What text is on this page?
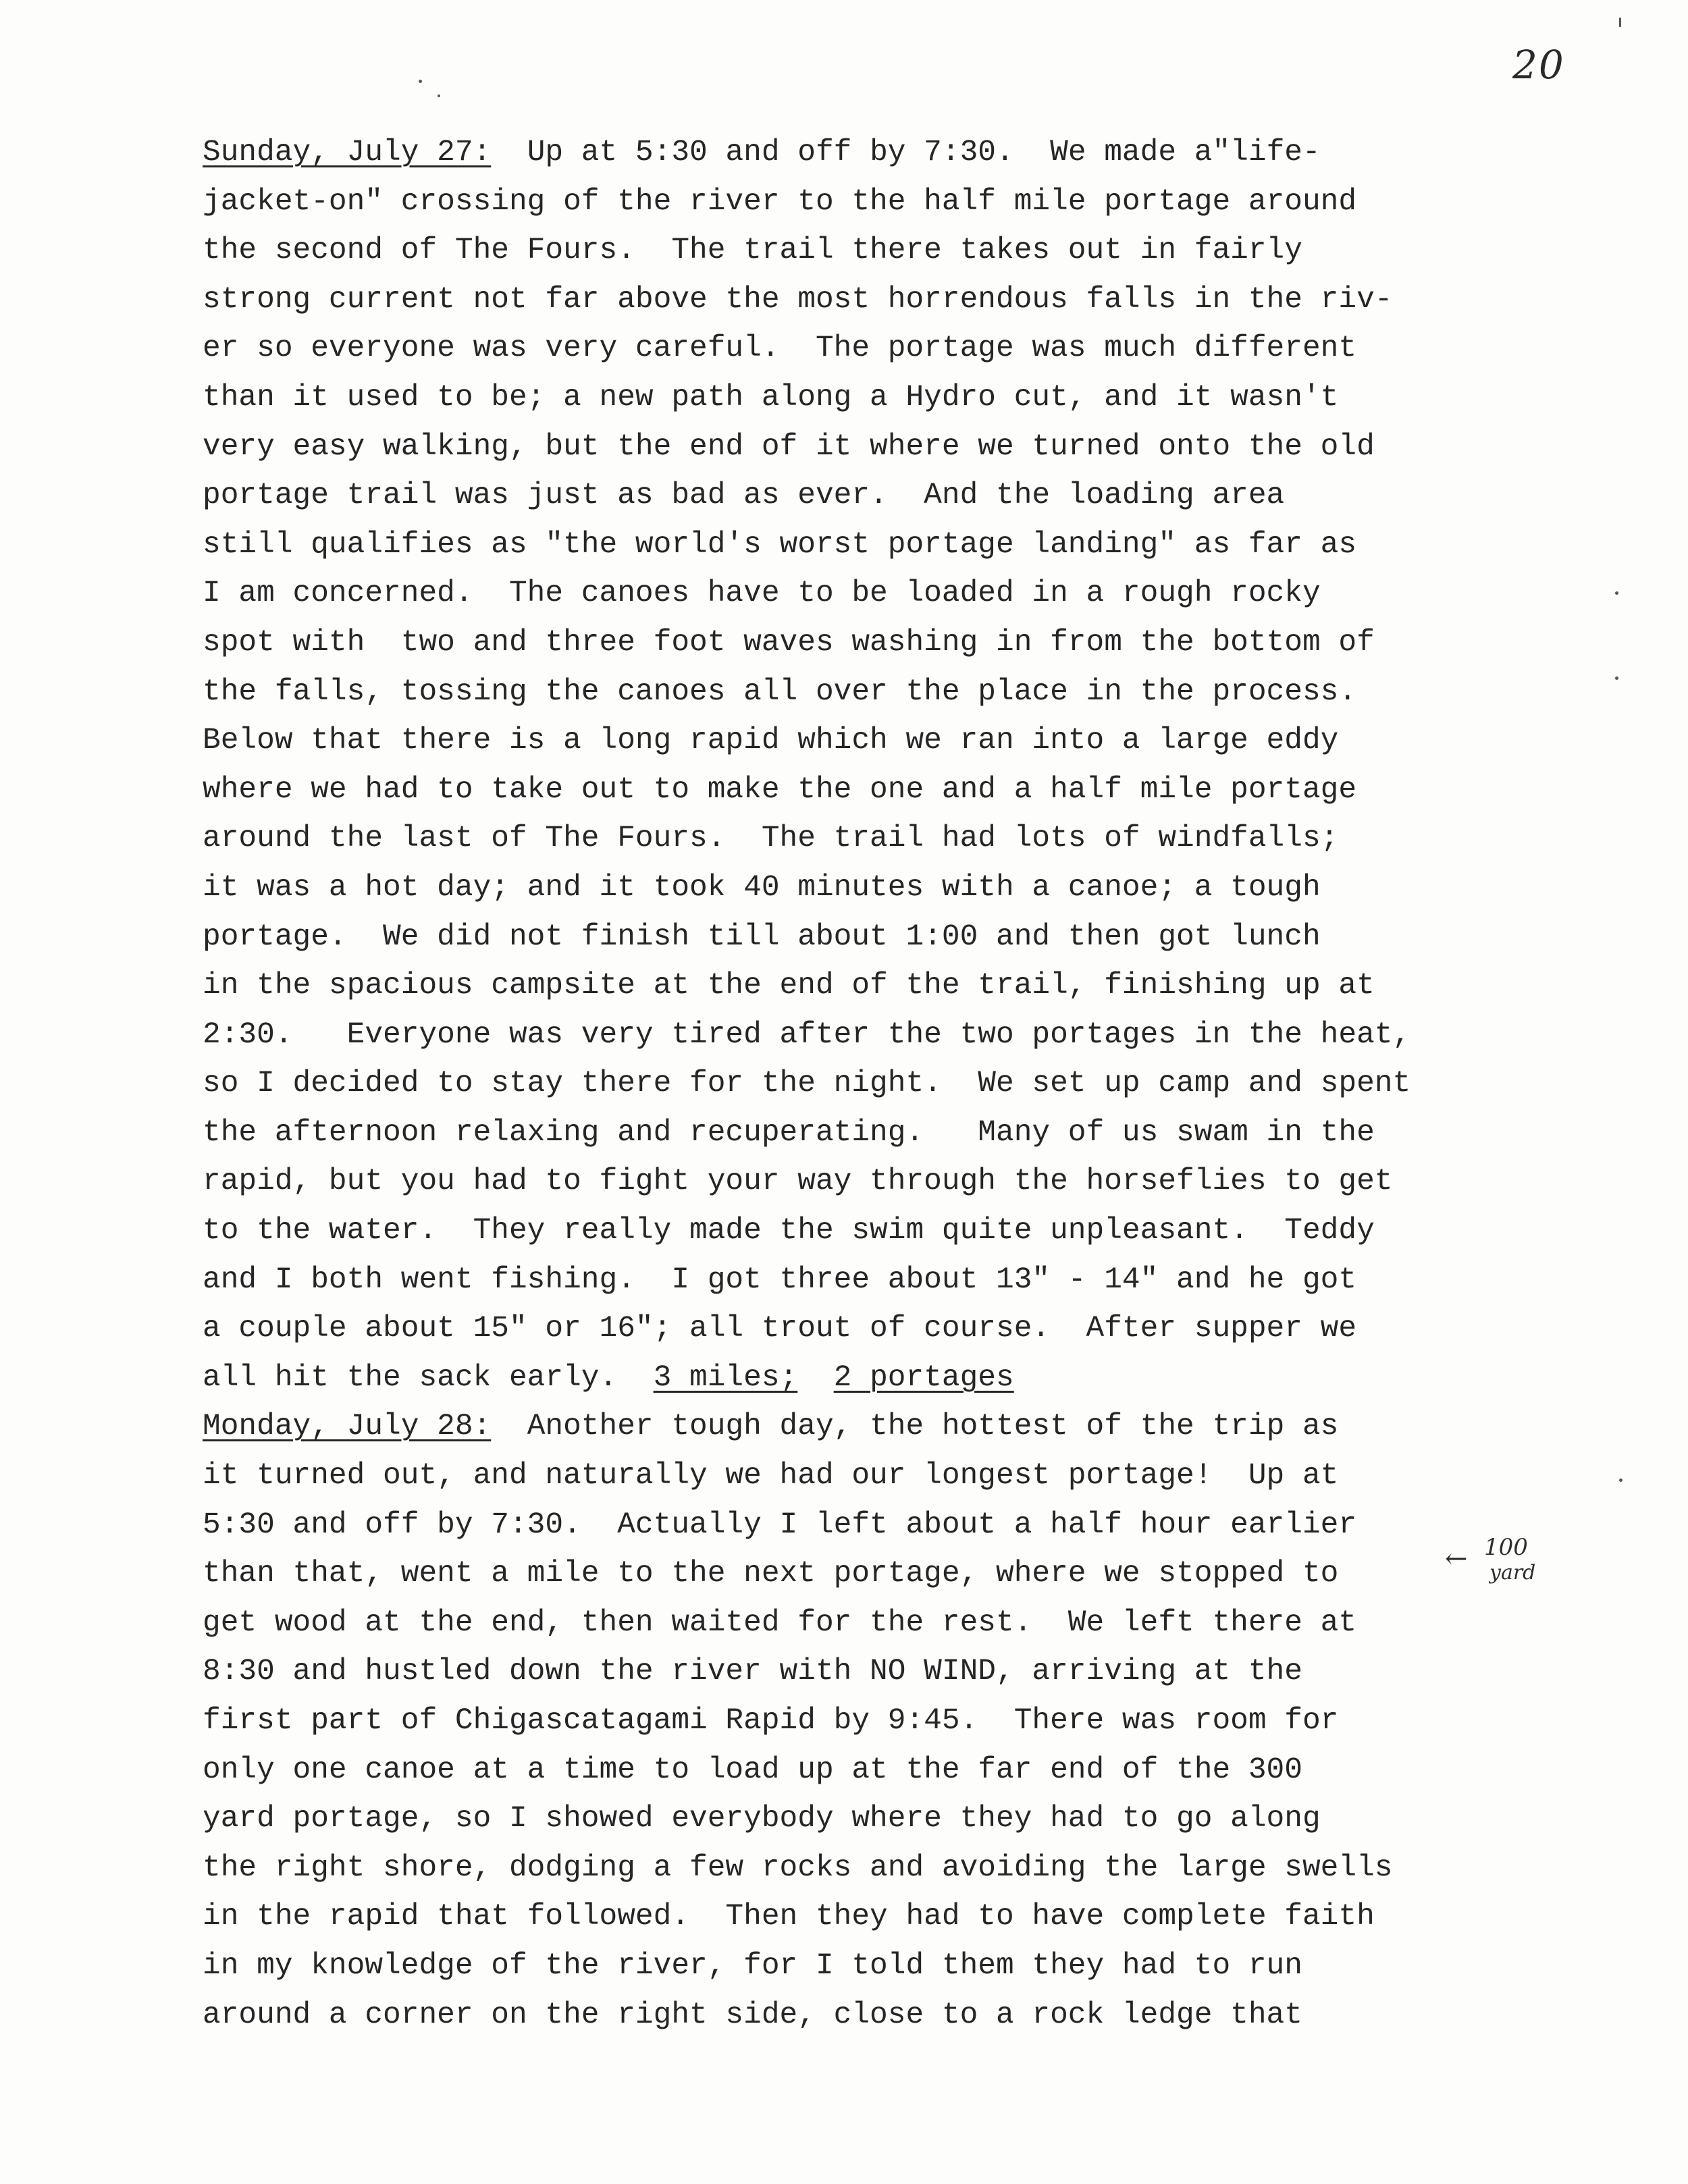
20
Sunday, July 27:  Up at 5:30 and off by 7:30.  We made a"life-
jacket-on" crossing of the river to the half mile portage around
the second of The Fours.  The trail there takes out in fairly
strong current not far above the most horrendous falls in the riv-
er so everyone was very careful.  The portage was much different
than it used to be; a new path along a Hydro cut, and it wasn't
very easy walking, but the end of it where we turned onto the old
portage trail was just as bad as ever.  And the loading area
still qualifies as "the world's worst portage landing" as far as
I am concerned.  The canoes have to be loaded in a rough rocky
spot with  two and three foot waves washing in from the bottom of
the falls, tossing the canoes all over the place in the process.
Below that there is a long rapid which we ran into a large eddy
where we had to take out to make the one and a half mile portage
around the last of The Fours.  The trail had lots of windfalls;
it was a hot day; and it took 40 minutes with a canoe; a tough
portage.  We did not finish till about 1:00 and then got lunch
in the spacious campsite at the end of the trail, finishing up at
2:30.   Everyone was very tired after the two portages in the heat,
so I decided to stay there for the night.  We set up camp and spent
the afternoon relaxing and recuperating.   Many of us swam in the
rapid, but you had to fight your way through the horseflies to get
to the water.  They really made the swim quite unpleasant.  Teddy
and I both went fishing.  I got three about 13" - 14" and he got
a couple about 15" or 16"; all trout of course.  After supper we
all hit the sack early.  3 miles; 2 portages
Monday, July 28:  Another tough day, the hottest of the trip as
it turned out, and naturally we had our longest portage!  Up at
5:30 and off by 7:30.  Actually I left about a half hour earlier
than that, went a mile to the next portage, where we stopped to
get wood at the end, then waited for the rest.  We left there at
8:30 and hustled down the river with NO WIND, arriving at the
first part of Chigascatagami Rapid by 9:45.  There was room for
only one canoe at a time to load up at the far end of the 300
yard portage, so I showed everybody where they had to go along
the right shore, dodging a few rocks and avoiding the large swells
in the rapid that followed.  Then they had to have complete faith
in my knowledge of the river, for I told them they had to run
around a corner on the right side, close to a rock ledge that
← 100
yard
